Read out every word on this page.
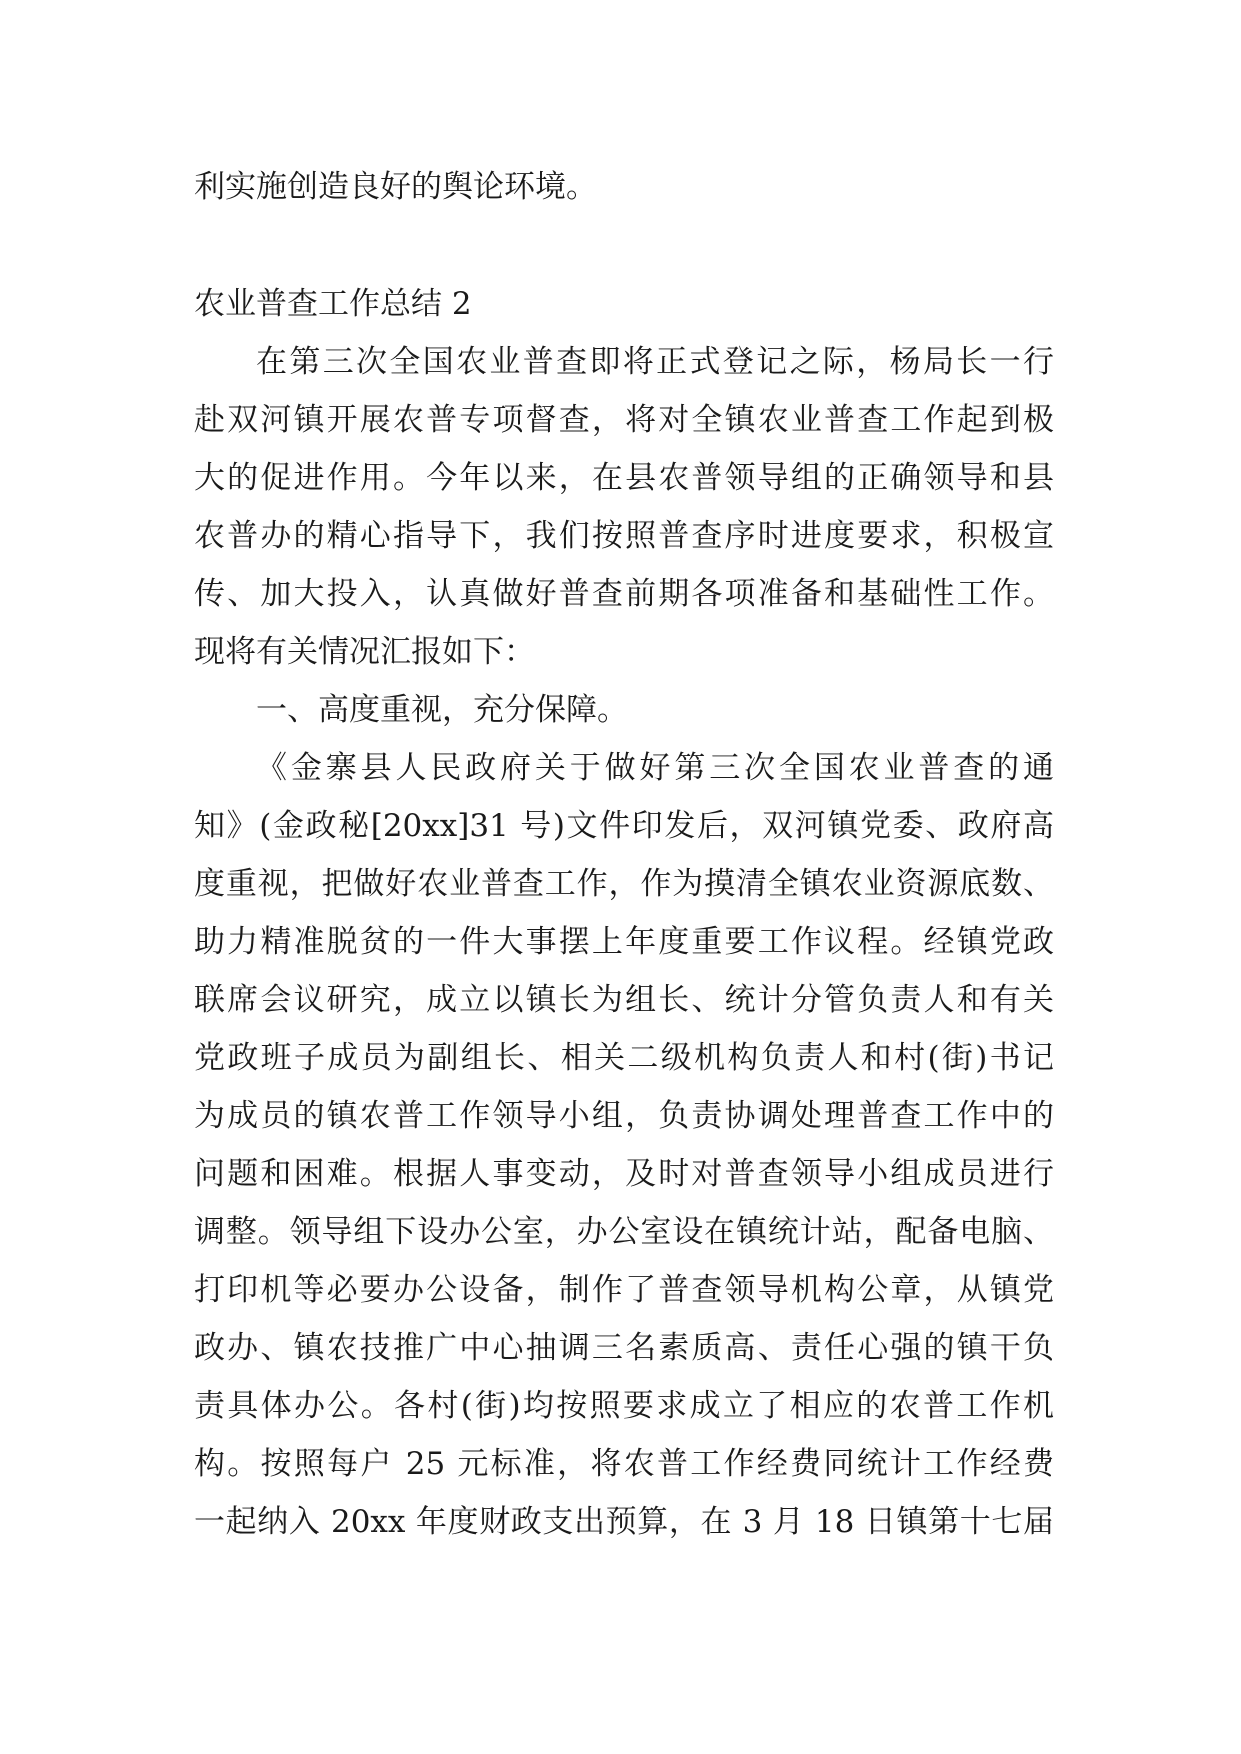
利实施创造良好的舆论环境。
农业普查工作总结 2
在第三次全国农业普查即将正式登记之际，杨局长一行
赴双河镇开展农普专项督查，将对全镇农业普查工作起到极
大的促进作用。今年以来，在县农普领导组的正确领导和县
农普办的精心指导下，我们按照普查序时进度要求，积极宣
传、加大投入，认真做好普查前期各项准备和基础性工作。
现将有关情况汇报如下：
一、高度重视，充分保障。
《金寨县人民政府关于做好第三次全国农业普查的通
知》(金政秘[20xx]31 号)文件印发后，双河镇党委、政府高
度重视，把做好农业普查工作，作为摸清全镇农业资源底数、
助力精准脱贫的一件大事摆上年度重要工作议程。经镇党政
联席会议研究，成立以镇长为组长、统计分管负责人和有关
党政班子成员为副组长、相关二级机构负责人和村(街)书记
为成员的镇农普工作领导小组，负责协调处理普查工作中的
问题和困难。根据人事变动，及时对普查领导小组成员进行
调整。领导组下设办公室，办公室设在镇统计站，配备电脑、
打印机等必要办公设备，制作了普查领导机构公章，从镇党
政办、镇农技推广中心抽调三名素质高、责任心强的镇干负
责具体办公。各村(街)均按照要求成立了相应的农普工作机
构。按照每户 25 元标准，将农普工作经费同统计工作经费
一起纳入 20xx 年度财政支出预算，在 3 月 18 日镇第十七届
